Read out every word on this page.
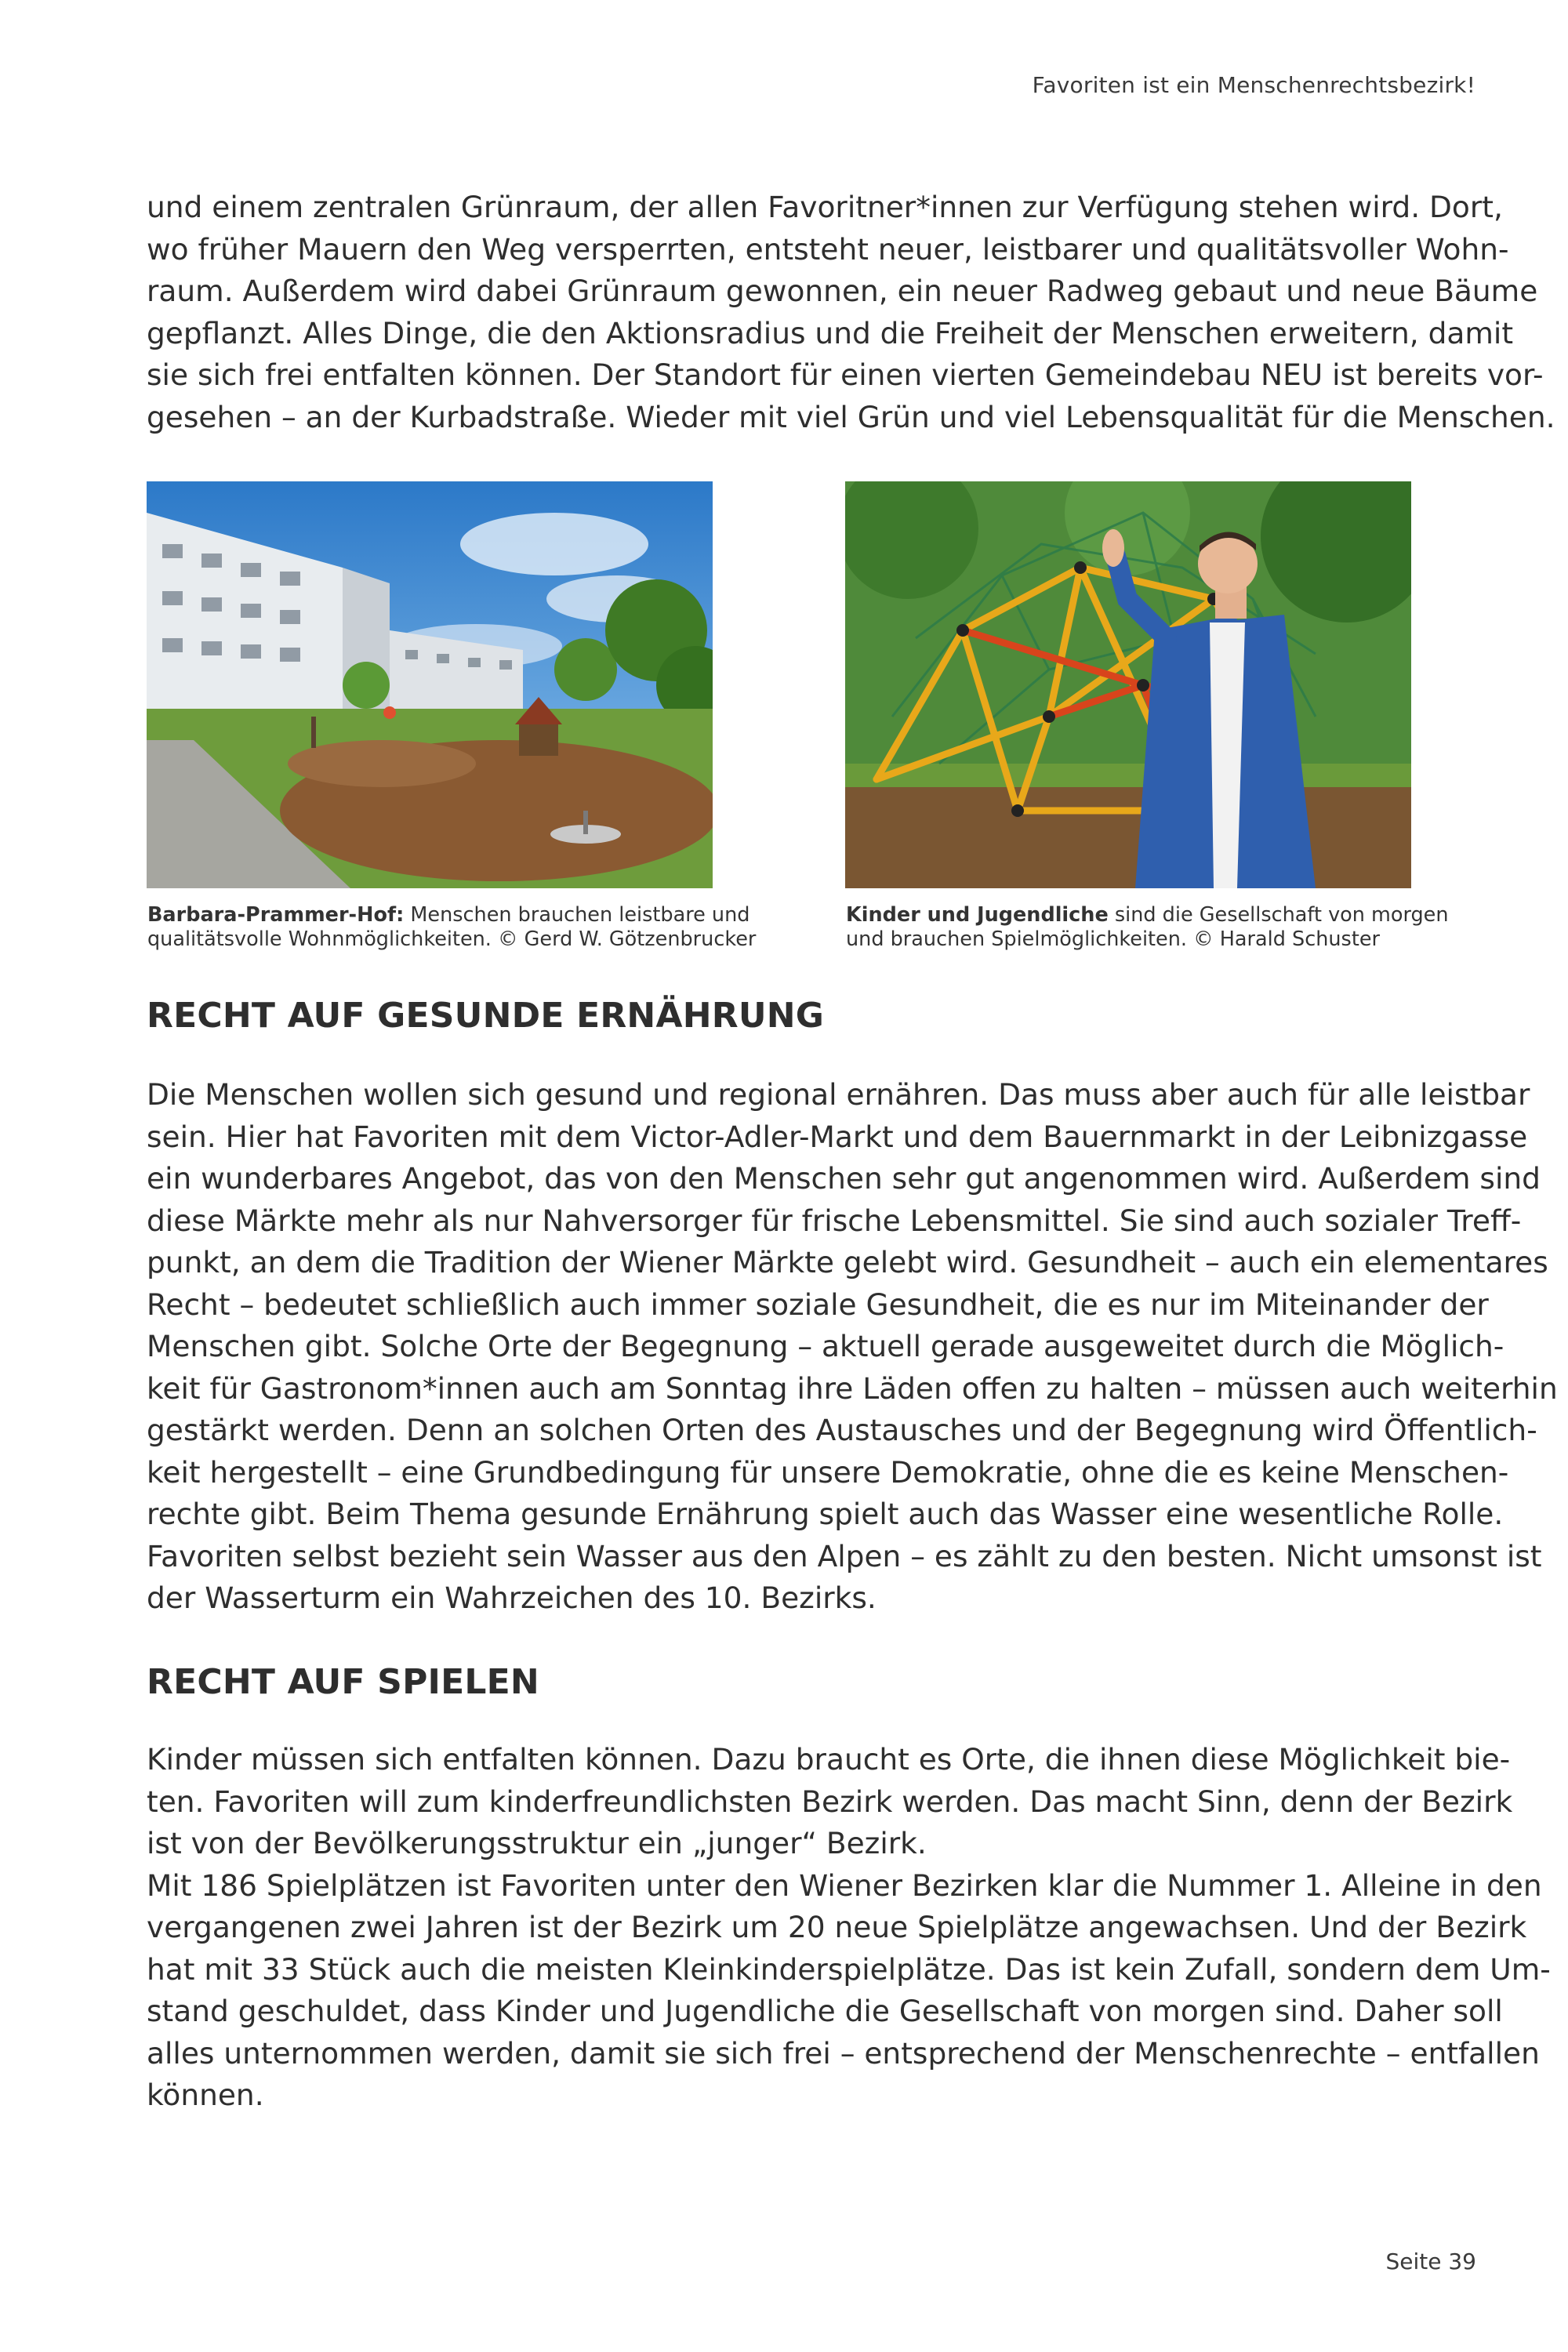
Favoriten ist ein Menschenrechtsbezirk!

und einem zentralen Grünraum, der allen Favoritner*innen zur Verfügung stehen wird. Dort,
wo früher Mauern den Weg versperrten, entsteht neuer, leistbarer und qualitätsvoller Wohn-
raum. Außerdem wird dabei Grünraum gewonnen, ein neuer Radweg gebaut und neue Bäume
gepflanzt. Alles Dinge, die den Aktionsradius und die Freiheit der Menschen erweitern, damit
sie sich frei entfalten können. Der Standort für einen vierten Gemeindebau NEU ist bereits vor-
gesehen – an der Kurbadstraße. Wieder mit viel Grün und viel Lebensqualität für die Menschen.

Barbara-Prammer-Hof: Menschen brauchen leistbare und
qualitätsvolle Wohnmöglichkeiten. © Gerd W. Götzenbrucker
Kinder und Jugendliche sind die Gesellschaft von morgen
und brauchen Spielmöglichkeiten. © Harald Schuster
RECHT AUF GESUNDE ERNÄHRUNG

Die Menschen wollen sich gesund und regional ernähren. Das muss aber auch für alle leistbar
sein. Hier hat Favoriten mit dem Victor-Adler-Markt und dem Bauernmarkt in der Leibnizgasse
ein wunderbares Angebot, das von den Menschen sehr gut angenommen wird. Außerdem sind
diese Märkte mehr als nur Nahversorger für frische Lebensmittel. Sie sind auch sozialer Treff-
punkt, an dem die Tradition der Wiener Märkte gelebt wird. Gesundheit – auch ein elementares
Recht – bedeutet schließlich auch immer soziale Gesundheit, die es nur im Miteinander der
Menschen gibt. Solche Orte der Begegnung – aktuell gerade ausgeweitet durch die Möglich-
keit für Gastronom*innen auch am Sonntag ihre Läden offen zu halten – müssen auch weiterhin
gestärkt werden. Denn an solchen Orten des Austausches und der Begegnung wird Öffentlich-
keit hergestellt – eine Grundbedingung für unsere Demokratie, ohne die es keine Menschen-
rechte gibt. Beim Thema gesunde Ernährung spielt auch das Wasser eine wesentliche Rolle.
Favoriten selbst bezieht sein Wasser aus den Alpen – es zählt zu den besten. Nicht umsonst ist
der Wasserturm ein Wahrzeichen des 10. Bezirks.

RECHT AUF SPIELEN

Kinder müssen sich entfalten können. Dazu braucht es Orte, die ihnen diese Möglichkeit bie-
ten. Favoriten will zum kinderfreundlichsten Bezirk werden. Das macht Sinn, denn der Bezirk
ist von der Bevölkerungsstruktur ein „junger“ Bezirk.
Mit 186 Spielplätzen ist Favoriten unter den Wiener Bezirken klar die Nummer 1. Alleine in den
vergangenen zwei Jahren ist der Bezirk um 20 neue Spielplätze angewachsen. Und der Bezirk
hat mit 33 Stück auch die meisten Kleinkinderspielplätze. Das ist kein Zufall, sondern dem Um-
stand geschuldet, dass Kinder und Jugendliche die Gesellschaft von morgen sind. Daher soll
alles unternommen werden, damit sie sich frei – entsprechend der Menschenrechte – entfallen
können.

Seite 39
